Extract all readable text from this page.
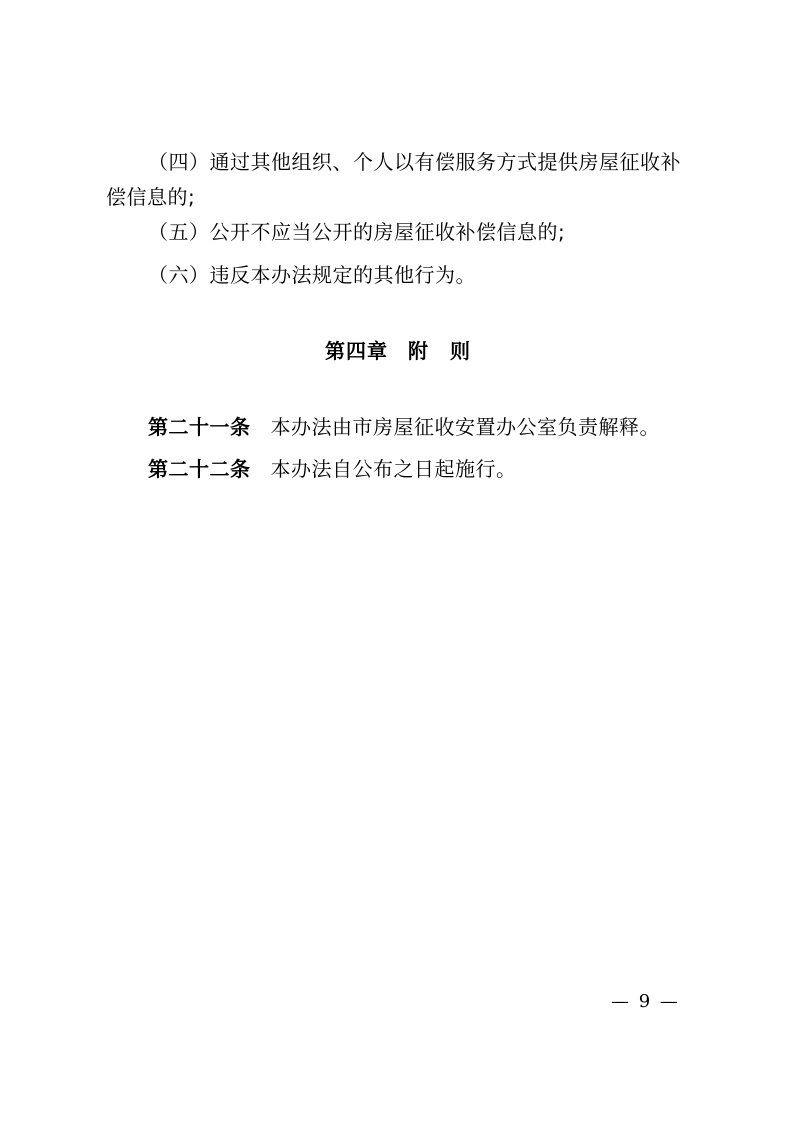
（四）通过其他组织、个人以有偿服务方式提供房屋征收补
偿信息的;
（五）公开不应当公开的房屋征收补偿信息的;
（六）违反本办法规定的其他行为。
第四章 附　则
第二十一条 本办法由市房屋征收安置办公室负责解释。
第二十二条 本办法自公布之日起施行。
— 9 —
